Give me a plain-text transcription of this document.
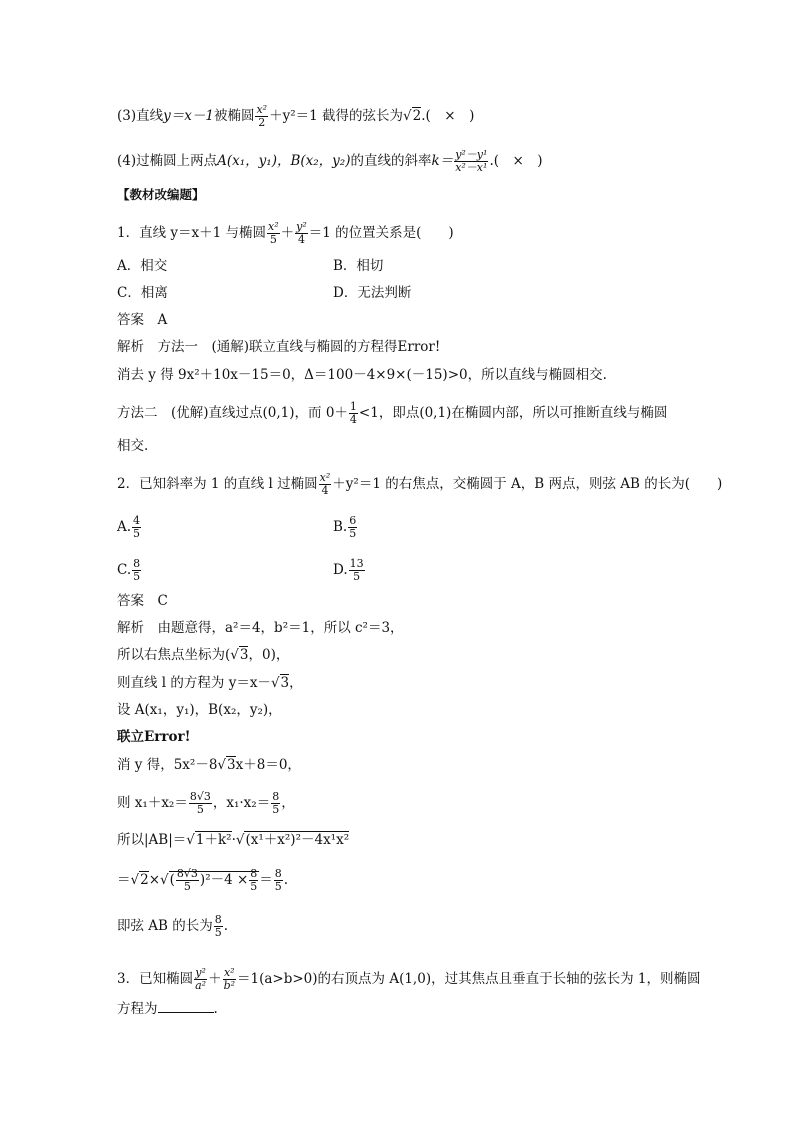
(3)直线y＝x－1被椭圆 $\frac{\text{x²}}{2} +y^2=1$ 截得的弦长为√2.(　×　)
(4)过椭圆上两点A(x₁，y₁)，B(x₂，y₂)的直线的斜率$k= \frac{\text{y²－y¹}}{\text{x²－x¹}}$ .(　×　)
【教材改编题】
1．直线 y＝x＋1 与椭圆 $\frac{\text{x²}}{5} + \frac{\text{y²}}{4} =1$ 的位置关系是(　　)
A．相交	B．相切
C．相离	D．无法判断
答案　A
解析　方法一　(通解)联立直线与椭圆的方程得Error!
消去 y 得 9x²＋10x－15＝0，Δ＝100－4×9×(－15)>0，所以直线与椭圆相交.
方法二　(优解)直线过点(0,1)，而 $0+ \frac{1}{4} <1$，即点(0,1)在椭圆内部，所以可推断直线与椭圆
相交.
2．已知斜率为 1 的直线 l 过椭圆 $\frac{\text{x²}}{4} +y^2=1$ 的右焦点，交椭圆于 A，B 两点，则弦 AB 的长为(　　)
A. $\frac{4}{5}$	B. $\frac{6}{5}$
C. $\frac{8}{5}$	D. $\frac{13}{5}$
答案　C
解析　由题意得，a²＝4，b²＝1，所以 c²＝3，
所以右焦点坐标为(√3，0)，
则直线 l 的方程为 y＝x－√3，
设 A(x₁，y₁)，B(x₂，y₂)，
联立Error!
消 y 得，5x²－8√3x＋8＝0，
则 $x_1+x_2= \frac{8√3}{5}$ ，$x_1\cdot x_2= \frac{8}{5}$ ，
所以|AB|＝√1＋k²·√(x¹＋x²)²－4x¹x²
$=√2\times√( \frac{8√3}{5} )^2-4 \times \frac{8}{5} = \frac{8}{5}$ .
即弦 AB 的长为 $\frac{8}{5}$ .
3．已知椭圆 $\frac{\text{y²}}{\text{a²}} + \frac{\text{x²}}{\text{b²}} =1(a>b>0)$的右顶点为 A(1,0)，过其焦点且垂直于长轴的弦长为 1，则椭圆
方程为	.
